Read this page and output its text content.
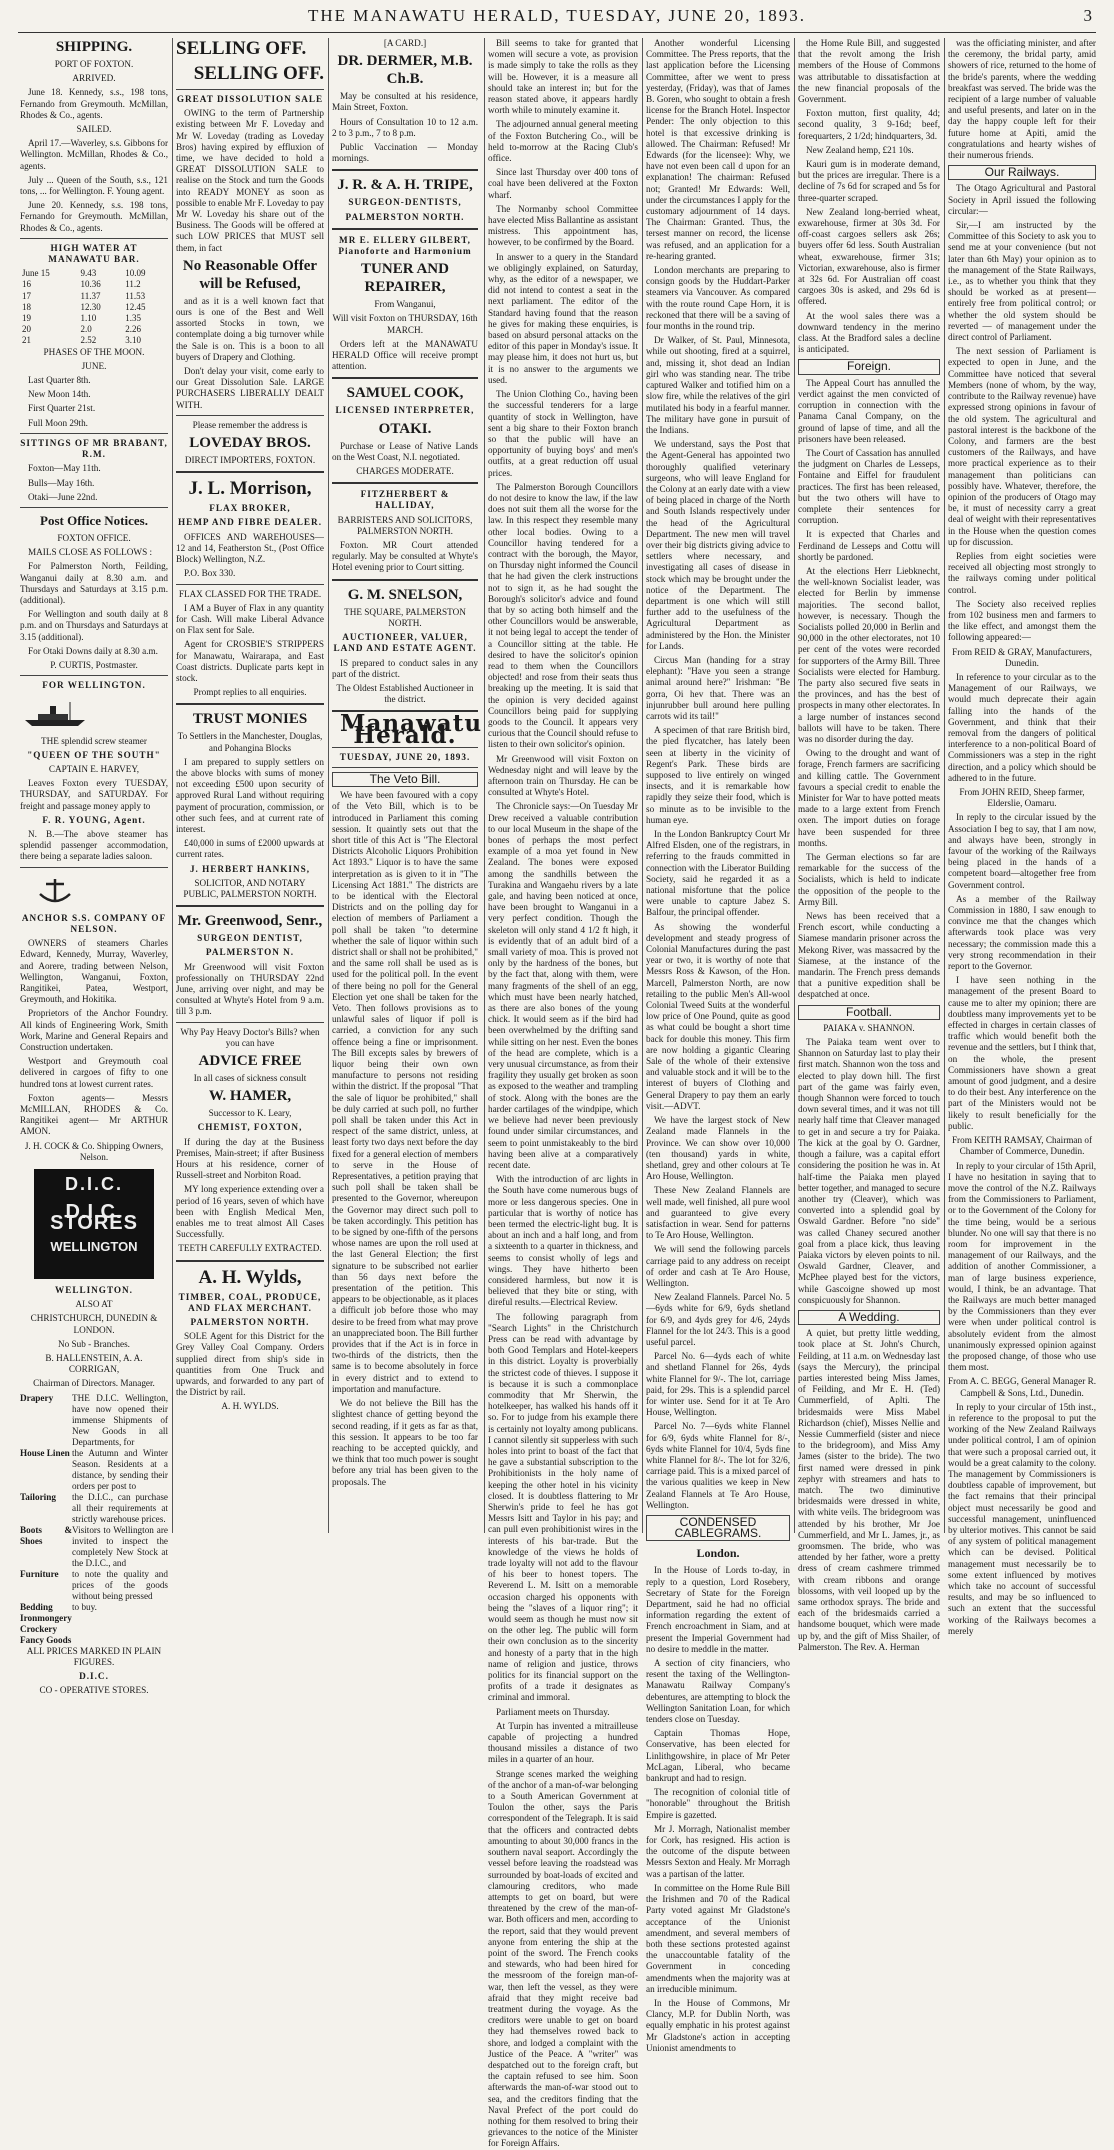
THE MANAWATU HERALD, TUESDAY, JUNE 20, 1893.	3

SHIPPING.

PORT OF FOXTON.

ARRIVED.

June 18. Kennedy, s.s., 198 tons, Fernando from Greymouth. McMillan, Rhodes & Co., agents.

SAILED.

April 17.—Waverley, s.s. Gibbons for Wellington. McMillan, Rhodes & Co., agents.

July ... Queen of the South, s.s., 121 tons, ... for Wellington. F. Young agent.

June 20. Kennedy, s.s. 198 tons, Fernando for Greymouth. McMillan, Rhodes & Co., agents.

HIGH WATER AT MANAWATU BAR.

June 15	9.43	10.09
16	10.36	11.2
17	11.37	11.53
18	12.30	12.45
19	1.10	1.35
20	2.0	2.26
21	2.52	3.10

PHASES OF THE MOON.

JUNE.

Last Quarter 8th.

New Moon 14th.

First Quarter 21st.

Full Moon 29th.

SITTINGS OF MR BRABANT, R.M.

Foxton—May 11th.

Bulls—May 16th.

Otaki—June 22nd.

Post Office Notices.

FOXTON OFFICE.

MAILS CLOSE AS FOLLOWS :

For Palmerston North, Feilding, Wanganui daily at 8.30 a.m. and Thursdays and Saturdays at 3.15 p.m. (additional).

For Wellington and south daily at 8 p.m. and on Thursdays and Saturdays at 3.15 (additional).

For Otaki Downs daily at 8.30 a.m.

P. CURTIS, Postmaster.

FOR WELLINGTON.

THE splendid screw steamer

"QUEEN OF THE SOUTH"

CAPTAIN E. HARVEY,

Leaves Foxton every TUESDAY, THURSDAY, and SATURDAY. For freight and passage money apply to

F. R. YOUNG, Agent.

N. B.—The above steamer has splendid passenger accommodation, there being a separate ladies saloon.

ANCHOR S.S. COMPANY OF NELSON.

OWNERS of steamers Charles Edward, Kennedy, Murray, Waverley, and Aorere, trading between Nelson, Wellington, Wanganui, Foxton, Rangitikei, Patea, Westport, Greymouth, and Hokitika.

Proprietors of the Anchor Foundry. All kinds of Engineering Work, Smith Work, Marine and General Repairs and Construction undertaken.

Westport and Greymouth coal delivered in cargoes of fifty to one hundred tons at lowest current rates.

Foxton agents— Messrs McMILLAN, RHODES & Co. Rangitikei agent— Mr ARTHUR AMON.

J. H. COCK & Co. Shipping Owners, Nelson.

D.I.C.
D.I.C. STORES
WELLINGTON

WELLINGTON.

ALSO AT

CHRISTCHURCH, DUNEDIN & LONDON.

No Sub - Branches.

B. HALLENSTEIN, A. A. CORRIGAN,

Chairman of Directors. Manager.

Drapery	THE D.I.C. Wellington, have now opened their immense Shipments of New Goods in all Departments, for
House Linen the Autumn and Winter Season. Residents at a distance, by sending their orders per post to
Tailoring	the D.I.C., can purchase all their requirements at strictly warehouse prices.
Boots & Shoes
Visitors to Wellington are invited to inspect the completely New Stock at the D.I.C., and
Furniture	to note the quality and prices of the goods without being pressed
Bedding	to buy.
Ironmongery
Crockery
Fancy Goods

ALL PRICES MARKED IN PLAIN FIGURES.

D.I.C.

CO - OPERATIVE STORES.

SELLING OFF.

SELLING OFF.

GREAT DISSOLUTION SALE

OWING to the term of Partnership existing between Mr F. Loveday and Mr W. Loveday (trading as Loveday Bros) having expired by effluxion of time, we have decided to hold a GREAT DISSOLUTION SALE to realise on the Stock and turn the Goods into READY MONEY as soon as possible to enable Mr F. Loveday to pay Mr W. Loveday his share out of the Business. The Goods will be offered at such LOW PRICES that MUST sell them, in fact

No Reasonable Offer will be Refused,

and as it is a well known fact that ours is one of the Best and Well assorted Stocks in town, we contemplate doing a big turnover while the Sale is on. This is a boon to all buyers of Drapery and Clothing.

Don't delay your visit, come early to our Great Dissolution Sale. LARGE PURCHASERS LIBERALLY DEALT WITH.

Please remember the address is

LOVEDAY BROS.

DIRECT IMPORTERS, FOXTON.

J. L. Morrison,

FLAX BROKER,

HEMP AND FIBRE DEALER.

OFFICES AND WAREHOUSES— 12 and 14, Featherston St., (Post Office Block) Wellington, N.Z.

P.O. Box 330.

FLAX CLASSED FOR THE TRADE.

I AM a Buyer of Flax in any quantity for Cash. Will make Liberal Advance on Flax sent for Sale.

Agent for CROSBIE'S STRIPPERS for Manawatu, Wairarapa, and East Coast districts. Duplicate parts kept in stock.

Prompt replies to all enquiries.

TRUST MONIES

To Settlers in the Manchester, Douglas, and Pohangina Blocks

I am prepared to supply settlers on the above blocks with sums of money not exceeding £500 upon security of approved Rural Land without requiring payment of procuration, commission, or other such fees, and at current rate of interest.

£40,000 in sums of £2000 upwards at current rates.

J. HERBERT HANKINS,

SOLICITOR, AND NOTARY PUBLIC, PALMERSTON NORTH.

Mr. Greenwood, Senr.,

SURGEON DENTIST,

PALMERSTON N.

Mr Greenwood will visit Foxton professionally on THURSDAY 22nd June, arriving over night, and may be consulted at Whyte's Hotel from 9 a.m. till 3 p.m.

Why Pay Heavy Doctor's Bills? when you can have

ADVICE FREE

In all cases of sickness consult

W. HAMER,

Successor to K. Leary,

CHEMIST, FOXTON,

If during the day at the Business Premises, Main-street; if after Business Hours at his residence, corner of Russell-street and Norbiton Road.

MY long experience extending over a period of 16 years, seven of which have been with English Medical Men, enables me to treat almost All Cases Successfully.

TEETH CAREFULLY EXTRACTED.

A. H. Wylds,

TIMBER, COAL, PRODUCE, AND FLAX MERCHANT.

PALMERSTON NORTH.

SOLE Agent for this District for the Grey Valley Coal Company. Orders supplied direct from ship's side in quantities from One Truck and upwards, and forwarded to any part of the District by rail.

A. H. WYLDS.

[A CARD.]

DR. DERMER, M.B. Ch.B.

May be consulted at his residence, Main Street, Foxton.

Hours of Consultation 10 to 12 a.m. 2 to 3 p.m., 7 to 8 p.m.

Public Vaccination — Monday mornings.

J. R. & A. H. TRIPE,

SURGEON-DENTISTS,

PALMERSTON NORTH.

MR E. ELLERY GILBERT, Pianoforte and Harmonium

TUNER AND REPAIRER,

From Wanganui,

Will visit Foxton on THURSDAY, 16th MARCH.

Orders left at the MANAWATU HERALD Office will receive prompt attention.

SAMUEL COOK,

LICENSED INTERPRETER,

OTAKI.

Purchase or Lease of Native Lands on the West Coast, N.I. negotiated.

CHARGES MODERATE.

FITZHERBERT & HALLIDAY,

BARRISTERS AND SOLICITORS, PALMERSTON NORTH.

Foxton. MR Court attended regularly. May be consulted at Whyte's Hotel evening prior to Court sitting.

G. M. SNELSON,

THE SQUARE, PALMERSTON NORTH.

AUCTIONEER, VALUER, LAND AND ESTATE AGENT.

IS prepared to conduct sales in any part of the district.

The Oldest Established Auctioneer in the district.

Manawatu Herald.

TUESDAY, JUNE 20, 1893.

The Veto Bill.

We have been favoured with a copy of the Veto Bill, which is to be introduced in Parliament this coming session. It quaintly sets out that the short title of this Act is "The Electoral Districts Alcoholic Liquors Prohibition Act 1893." Liquor is to have the same interpretation as is given to it in "The Licensing Act 1881." The districts are to be identical with the Electoral Districts and on the polling day for election of members of Parliament a poll shall be taken "to determine whether the sale of liquor within such district shall or shall not be prohibited," and the same roll shall be used as is used for the political poll. In the event of there being no poll for the General Election yet one shall be taken for the Veto. Then follows provisions as to unlawful sales of liquor if poll is carried, a conviction for any such offence being a fine or imprisonment. The Bill excepts sales by brewers of liquor being their own own manufacture to persons not residing within the district. If the proposal "That the sale of liquor be prohibited," shall be duly carried at such poll, no further poll shall be taken under this Act in respect of the same district, unless, at least forty two days next before the day fixed for a general election of members to serve in the House of Representatives, a petition praying that such poll shall be taken shall be presented to the Governor, whereupon the Governor may direct such poll to be taken accordingly. This petition has to be signed by one-fifth of the persons whose names are upon the roll used at the last General Election; the first signature to be subscribed not earlier than 56 days next before the presentation of the petition. This appears to be objectionable, as it places a difficult job before those who may desire to be freed from what may prove an unappreciated boon. The Bill further provides that if the Act is in force in two-thirds of the districts, then the same is to become absolutely in force in every district and to extend to importation and manufacture.

We do not believe the Bill has the slightest chance of getting beyond the second reading, if it gets as far as that, this session. It appears to be too far reaching to be accepted quickly, and we think that too much power is sought before any trial has been given to the proposals. The

Bill seems to take for granted that women will secure a vote, as provision is made simply to take the rolls as they will be. However, it is a measure all should take an interest in; but for the reason stated above, it appears hardly worth while to minutely examine it.

The adjourned annual general meeting of the Foxton Butchering Co., will be held to-morrow at the Racing Club's office.

Since last Thursday over 400 tons of coal have been delivered at the Foxton wharf.

The Normanby school Committee have elected Miss Ballantine as assistant mistress. This appointment has, however, to be confirmed by the Board.

In answer to a query in the Standard we obligingly explained, on Saturday, why, as the editor of a newspaper, we did not intend to contest a seat in the next parliament. The editor of the Standard having found that the reason he gives for making these enquiries, is based on absurd personal attacks on the editor of this paper in Monday's issue. It may please him, it does not hurt us, but it is no answer to the arguments we used.

The Union Clothing Co., having been the successful tenderers for a large quantity of stock in Wellington, have sent a big share to their Foxton branch so that the public will have an opportunity of buying boys' and men's outfits, at a great reduction off usual prices.

The Palmerston Borough Councillors do not desire to know the law, if the law does not suit them all the worse for the law. In this respect they resemble many other local bodies. Owing to a Councillor having tendered for a contract with the borough, the Mayor, on Thursday night informed the Council that he had given the clerk instructions not to sign it, as he had sought the Borough's solicitor's advice and found that by so acting both himself and the other Councillors would be answerable, it not being legal to accept the tender of a Councillor sitting at the table. He desired to have the solicitor's opinion read to them when the Councillors objected! and rose from their seats thus breaking up the meeting. It is said that the opinion is very decided against Councillors being paid for supplying goods to the Council. It appears very curious that the Council should refuse to listen to their own solicitor's opinion.

Mr Greenwood will visit Foxton on Wednesday night and will leave by the afternoon train on Thursday. He can be consulted at Whyte's Hotel.

The Chronicle says:—On Tuesday Mr Drew received a valuable contribution to our local Museum in the shape of the bones of perhaps the most perfect example of a moa yet found in New Zealand. The bones were exposed among the sandhills between the Turakina and Wangaehu rivers by a late gale, and having been noticed at once, have been brought to Wanganui in a very perfect condition. Though the skeleton will only stand 4 1/2 ft high, it is evidently that of an adult bird of a small variety of moa. This is proved not only by the hardness of the bones, but by the fact that, along with them, were many fragments of the shell of an egg, which must have been nearly hatched, as there are also bones of the young chick. It would seem as if the bird had been overwhelmed by the drifting sand while sitting on her nest. Even the bones of the head are complete, which is a very unusual circumstance, as from their fragility they usually get broken as soon as exposed to the weather and trampling of stock. Along with the bones are the harder cartilages of the windpipe, which we believe had never been previously found under similar circumstances, and seem to point unmistakeably to the bird having been alive at a comparatively recent date.

With the introduction of arc lights in the South have come numerous bugs of more or less dangerous species. One in particular that is worthy of notice has been termed the electric-light bug. It is about an inch and a half long, and from a sixteenth to a quarter in thickness, and seems to consist wholly of legs and wings. They have hitherto been considered harmless, but now it is believed that they bite or sting, with direful results.—Electrical Review.

The following paragraph from "Search Lights" in the Christchurch Press can be read with advantage by both Good Templars and Hotel-keepers in this district. Loyalty is proverbially the strictest code of thieves. I suppose it is because it is such a commonplace commodity that Mr Sherwin, the hotelkeeper, has walked his hands off it so. For to judge from his example there is certainly not loyalty among publicans. I cannot silently sit supperless with such holes into print to boast of the fact that he gave a substantial subscription to the Prohibitionists in the holy name of keeping the other hotel in his vicinity closed. It is doubtless flattering to Mr Sherwin's pride to feel he has got Messrs Isitt and Taylor in his pay; and can pull even prohibitionist wires in the interests of his bar-trade. But the knowledge of the views he holds of trade loyalty will not add to the flavour of his beer to honest topers. The Reverend L. M. Isitt on a memorable occasion charged his opponents with being the "slaves of a liquor ring"; it would seem as though he must now sit on the other leg. The public will form their own conclusion as to the sincerity and honesty of a party that in the high name of religion and justice, throws politics for its financial support on the profits of a trade it designates as criminal and immoral.

Parliament meets on Thursday.

At Turpin has invented a mitrailleuse capable of projecting a hundred thousand missiles a distance of two miles in a quarter of an hour.

Strange scenes marked the weighing of the anchor of a man-of-war belonging to a South American Government at Toulon the other, says the Paris correspondent of the Telegraph. It is said that the officers and contracted debts amounting to about 30,000 francs in the southern naval seaport. Accordingly the vessel before leaving the roadstead was surrounded by boat-loads of excited and clamouring creditors, who made attempts to get on board, but were threatened by the crew of the man-of-war. Both officers and men, according to the report, said that they would prevent anyone from entering the ship at the point of the sword. The French cooks and stewards, who had been hired for the messroom of the foreign man-of-war, then left the vessel, as they were afraid that they might receive bad treatment during the voyage. As the creditors were unable to get on board they had themselves rowed back to shore, and lodged a complaint with the Justice of the Peace. A "writer" was despatched out to the foreign craft, but the captain refused to see him. Soon afterwards the man-of-war stood out to sea, and the creditors finding that the Naval Prefect of the port could do nothing for them resolved to bring their grievances to the notice of the Minister for Foreign Affairs.

Another wonderful Licensing Committee. The Press reports, that the last application before the Licensing Committee, after we went to press yesterday, (Friday), was that of James B. Goren, who sought to obtain a fresh license for the Branch Hotel. Inspector Pender: The only objection to this hotel is that excessive drinking is allowed. The Chairman: Refused! Mr Edwards (for the licensee): Why, we have not even been call d upon for an explanation! The chairman: Refused not; Granted! Mr Edwards: Well, under the circumstances I apply for the customary adjournment of 14 days. The Chairman: Granted. Thus, the tersest manner on record, the license was refused, and an application for a re-hearing granted.

London merchants are preparing to consign goods by the Huddart-Parker steamers via Vancouver. As compared with the route round Cape Horn, it is reckoned that there will be a saving of four months in the round trip.

Dr Walker, of St. Paul, Minnesota, while out shooting, fired at a squirrel, and, missing it, shot dead an Indian girl who was standing near. The tribe captured Walker and totified him on a slow fire, while the relatives of the girl mutilated his body in a fearful manner. The military have gone in pursuit of the Indians.

We understand, says the Post that the Agent-General has appointed two thoroughly qualified veterinary surgeons, who will leave England for the Colony at an early date with a view of being placed in charge of the North and South Islands respectively under the head of the Agricultural Department. The new men will travel over their big districts giving advice to settlers where necessary, and investigating all cases of disease in stock which may be brought under the notice of the Department. The department is one which will still further add to the usefulness of the Agricultural Department as administered by the Hon. the Minister for Lands.

Circus Man (handing for a stray elephant): "Have you seen a strange animal around here?" Irishman: "Be gorra, Oi hev that. There was an injunrubber bull around here pulling carrots wid its tail!"

A specimen of that rare British bird, the pied flycatcher, has lately been seen at liberty in the vicinity of Regent's Park. These birds are supposed to live entirely on winged insects, and it is remarkable how rapidly they seize their food, which is so minute as to be invisible to the human eye.

In the London Bankruptcy Court Mr Alfred Elsden, one of the registrars, in referring to the frauds committed in connection with the Liberator Building Society, said he regarded it as a national misfortune that the police were unable to capture Jabez S. Balfour, the principal offender.

As showing the wonderful development and steady progress of Colonial Manufactures during the past year or two, it is worthy of note that Messrs Ross & Kawson, of the Hon. Marcell, Palmerston North, are now retailing to the public Men's All-wool Colonial Tweed Suits at the wonderful low price of One Pound, quite as good as what could be bought a short time back for double this money. This firm are now holding a gigantic Clearing Sale of the whole of their extensive and valuable stock and it will be to the interest of buyers of Clothing and General Drapery to pay them an early visit.—ADVT.

We have the largest stock of New Zealand made Flannels in the Province. We can show over 10,000 (ten thousand) yards in white, shetland, grey and other colours at Te Aro House, Wellington.

These New Zealand Flannels are well made, well finished, all pure wool and guaranteed to give every satisfaction in wear. Send for patterns to Te Aro House, Wellington.

We will send the following parcels carriage paid to any address on receipt of order and cash at Te Aro House, Wellington.

New Zealand Flannels. Parcel No. 5—6yds white for 6/9, 6yds shetland for 6/9, and 4yds grey for 4/6, 24yds Flannel for the lot 24/3. This is a good useful parcel.

Parcel No. 6—4yds each of white and shetland Flannel for 26s, 4yds white Flannel for 9/-. The lot, carriage paid, for 29s. This is a splendid parcel for winter use. Send for it at Te Aro House, Wellington.

Parcel No. 7—6yds white Flannel for 6/9, 6yds white Flannel for 8/-, 6yds white Flannel for 10/4, 5yds fine white Flannel for 8/-. The lot for 32/6, carriage paid. This is a mixed parcel of the various qualities we keep in New Zealand Flannels at Te Aro House, Wellington.

CONDENSED CABLEGRAMS.

London.

In the House of Lords to-day, in reply to a question, Lord Rosebery, Secretary of State for the Foreign Department, said he had no official information regarding the extent of French encroachment in Siam, and at present the Imperial Government had no desire to meddle in the matter.

A section of city financiers, who resent the taxing of the Wellington-Manawatu Railway Company's debentures, are attempting to block the Wellington Sanitation Loan, for which tenders close on Tuesday.

Captain Thomas Hope, Conservative, has been elected for Linlithgowshire, in place of Mr Peter McLagan, Liberal, who became bankrupt and had to resign.

The recognition of colonial title of "honorable" throughout the British Empire is gazetted.

Mr J. Morragh, Nationalist member for Cork, has resigned. His action is the outcome of the dispute between Messrs Sexton and Healy. Mr Morragh was a partisan of the latter.

In committee on the Home Rule Bill the Irishmen and 70 of the Radical Party voted against Mr Gladstone's acceptance of the Unionist amendment, and several members of both these sections protested against the unaccountable fatality of the Government in conceding amendments when the majority was at an irreducible minimum.

In the House of Commons, Mr Clancy, M.P. for Dublin North, was equally emphatic in his protest against Mr Gladstone's action in accepting Unionist amendments to

the Home Rule Bill, and suggested that the revolt among the Irish members of the House of Commons was attributable to dissatisfaction at the new financial proposals of the Government.

Foxton mutton, first quality, 4d; second quality, 3 9-16d; beef, forequarters, 2 1/2d; hindquarters, 3d.

New Zealand hemp, £21 10s.

Kauri gum is in moderate demand, but the prices are irregular. There is a decline of 7s 6d for scraped and 5s for three-quarter scraped.

New Zealand long-berried wheat, exwarehouse, firmer at 30s 3d. For off-coast cargoes sellers ask 26s; buyers offer 6d less. South Australian wheat, exwarehouse, firmer 31s; Victorian, exwarehouse, also is firmer at 32s 6d. For Australian off coast cargoes 30s is asked, and 29s 6d is offered.

At the wool sales there was a downward tendency in the merino class. At the Bradford sales a decline is anticipated.

Foreign.

The Appeal Court has annulled the verdict against the men convicted of corruption in connection with the Panama Canal Company, on the ground of lapse of time, and all the prisoners have been released.

The Court of Cassation has annulled the judgment on Charles de Lesseps, Fontaine and Eiffel for fraudulent practices. The first has been released, but the two others will have to complete their sentences for corruption.

It is expected that Charles and Ferdinand de Lesseps and Cottu will shortly be pardoned.

At the elections Herr Liebknecht, the well-known Socialist leader, was elected for Berlin by immense majorities. The second ballot, however, is necessary. Though the Socialists polled 20,000 in Berlin and 90,000 in the other electorates, not 10 per cent of the votes were recorded for supporters of the Army Bill. Three Socialists were elected for Hamburg. The party also secured five seats in the provinces, and has the best of prospects in many other electorates. In a large number of instances second ballots will have to be taken. There was no disorder during the day.

Owing to the drought and want of forage, French farmers are sacrificing and killing cattle. The Government favours a special credit to enable the Minister for War to have potted meats made to a large extent from French oxen. The import duties on forage have been suspended for three months.

The German elections so far are remarkable for the success of the Socialists, which is held to indicate the opposition of the people to the Army Bill.

News has been received that a French escort, while conducting a Siamese mandarin prisoner across the Mekong River, was massacred by the Siamese, at the instance of the mandarin. The French press demands that a punitive expedition shall be despatched at once.

Football.

PAIAKA v. SHANNON.

The Paiaka team went over to Shannon on Saturday last to play their first match. Shannon won the toss and elected to play down hill. The first part of the game was fairly even, though Shannon were forced to touch down several times, and it was not till nearly half time that Cleaver managed to get in and secure a try for Paiaka. The kick at the goal by O. Gardner, though a failure, was a capital effort considering the position he was in. At half-time the Paiaka men played better together, and managed to secure another try (Cleaver), which was converted into a splendid goal by Oswald Gardner. Before "no side" was called Chaney secured another goal from a place kick, thus leaving Paiaka victors by eleven points to nil. Oswald Gardner, Cleaver, and McPhee played best for the victors, while Gascoigne showed up most conspicuously for Shannon.

A Wedding.

A quiet, but pretty little wedding, took place at St. John's Church, Feilding, at 11 a.m. on Wednesday last (says the Mercury), the principal parties interested being Miss James, of Feilding, and Mr E. H. (Ted) Cummerfield, of Aplti. The bridesmaids were Miss Mabel Richardson (chief), Misses Nellie and Nessie Cummerfield (sister and niece to the bridegroom), and Miss Amy James (sister to the bride). The two first named were dressed in pink zephyr with streamers and hats to match. The two diminutive bridesmaids were dressed in white, with white veils. The bridegroom was attended by his brother, Mr Joe Cummerfield, and Mr L. James, jr., as groomsmen. The bride, who was attended by her father, wore a pretty dress of cream cashmere trimmed with cream ribbons and orange blossoms, with veil looped up by the same orthodox sprays. The bride and each of the bridesmaids carried a handsome bouquet, which were made up by, and the gift of Miss Shailer, of Palmerston. The Rev. A. Herman

was the officiating minister, and after the ceremony, the bridal party, amid showers of rice, returned to the home of the bride's parents, where the wedding breakfast was served. The bride was the recipient of a large number of valuable and useful presents, and later on in the day the happy couple left for their future home at Apiti, amid the congratulations and hearty wishes of their numerous friends.

Our Railways.

The Otago Agricultural and Pastoral Society in April issued the following circular:—

Sir,—I am instructed by the Committee of this Society to ask you to send me at your convenience (but not later than 6th May) your opinion as to the management of the State Railways, i.e., as to whether you think that they should be worked as at present—entirely free from political control; or whether the old system should be reverted — of management under the direct control of Parliament.

The next session of Parliament is expected to open in June, and the Committee have noticed that several Members (none of whom, by the way, contribute to the Railway revenue) have expressed strong opinions in favour of the old system. The agricultural and pastoral interest is the backbone of the Colony, and farmers are the best customers of the Railways, and have more practical experience as to their management than politicians can possibly have. Whatever, therefore, the opinion of the producers of Otago may be, it must of necessity carry a great deal of weight with their representatives in the House when the question comes up for discussion.

Replies from eight societies were received all objecting most strongly to the railways coming under political control.

The Society also received replies from 102 business men and farmers to the like effect, and amongst them the following appeared:—

From REID & GRAY, Manufacturers, Dunedin.

In reference to your circular as to the Management of our Railways, we would much deprecate their again falling into the hands of the Government, and think that their removal from the dangers of political interference to a non-political Board of Commissioners was a step in the right direction, and a policy which should be adhered to in the future.

From JOHN REID, Sheep farmer, Elderslie, Oamaru.

In reply to the circular issued by the Association I beg to say, that I am now, and always have been, strongly in favour of the working of the Railways being placed in the hands of a competent board—altogether free from Government control.

As a member of the Railway Commission in 1880, I saw enough to convince me that the changes which afterwards took place was very necessary; the commission made this a very strong recommendation in their report to the Governor.

I have seen nothing in the management of the present Board to cause me to alter my opinion; there are doubtless many improvements yet to be effected in charges in certain classes of traffic which would benefit both the revenue and the settlers, but I think that, on the whole, the present Commissioners have shown a great amount of good judgment, and a desire to do their best. Any interference on the part of the Ministers would not be likely to result beneficially for the public.

From KEITH RAMSAY, Chairman of Chamber of Commerce, Dunedin.

In reply to your circular of 15th April, I have no hesitation in saying that to move the control of the N.Z. Railways from the Commissioners to Parliament, or to the Government of the Colony for the time being, would be a serious blunder. No one will say that there is no room for improvement in the management of our Railways, and the addition of another Commissioner, a man of large business experience, would, I think, be an advantage. That the Railways are much better managed by the Commissioners than they ever were when under political control is absolutely evident from the almost unanimously expressed opinion against the proposed change, of those who use them most.

From A. C. BEGG, General Manager R. Campbell & Sons, Ltd., Dunedin.

In reply to your circular of 15th inst., in reference to the proposal to put the working of the New Zealand Railways under political control, I am of opinion that were such a proposal carried out, it would be a great calamity to the colony. The management by Commissioners is doubtless capable of improvement, but the fact remains that their principal object must necessarily be good and successful management, uninfluenced by ulterior motives. This cannot be said of any system of political management which can be devised. Political management must necessarily be to some extent influenced by motives which take no account of successful results, and may be so influenced to such an extent that the successful working of the Railways becomes a merely
